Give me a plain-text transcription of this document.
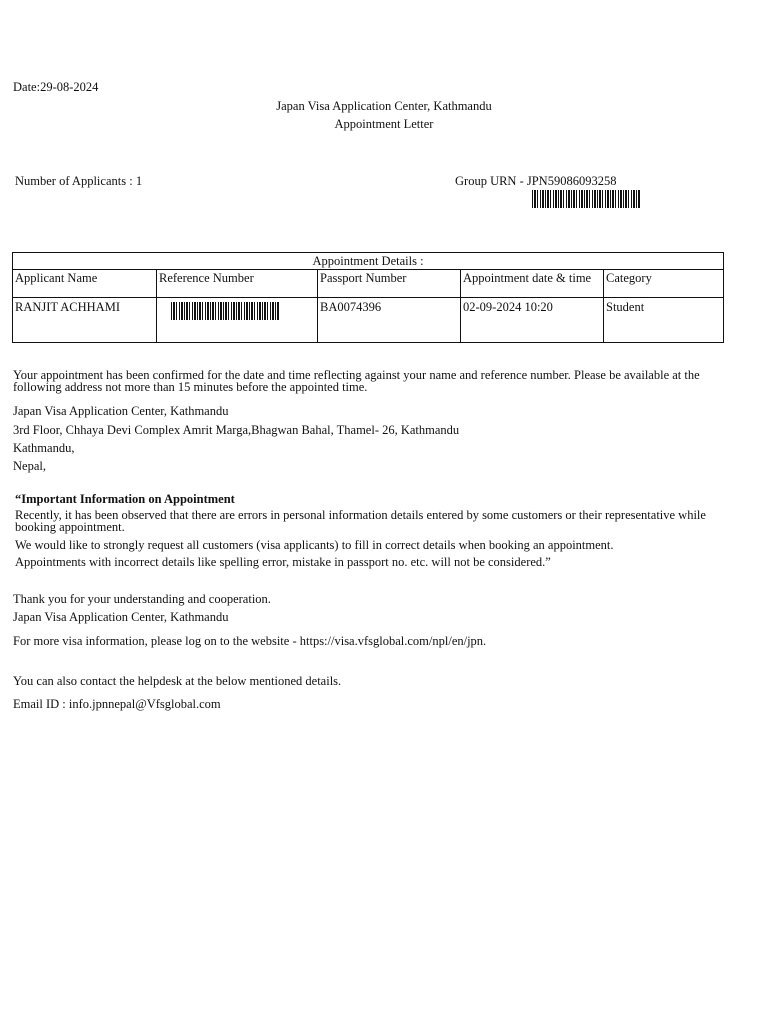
Date:29-08-2024
Japan Visa Application Center, Kathmandu
Appointment Letter
Number of Applicants : 1	Group URN - JPN59086093258
Appointment Details :				
Applicant Name	Reference Number	Passport Number	Appointment date & time	Category
RANJIT ACHHAMI		BA0074396	02-09-2024 10:20	Student
Your appointment has been confirmed for the date and time reflecting against your name and reference number. Please be available at the following address not more than 15 minutes before the appointed time.
Japan Visa Application Center, Kathmandu
3rd Floor, Chhaya Devi Complex Amrit Marga,Bhagwan Bahal, Thamel- 26, Kathmandu
Kathmandu,
Nepal,
“Important Information on Appointment
Recently, it has been observed that there are errors in personal information details entered by some customers or their representative while booking appointment.
We would like to strongly request all customers (visa applicants) to fill in correct details when booking an appointment.
Appointments with incorrect details like spelling error, mistake in passport no. etc. will not be considered.”
Thank you for your understanding and cooperation.
Japan Visa Application Center, Kathmandu
For more visa information, please log on to the website - https://visa.vfsglobal.com/npl/en/jpn.
You can also contact the helpdesk at the below mentioned details.
Email ID : info.jpnnepal@Vfsglobal.com
